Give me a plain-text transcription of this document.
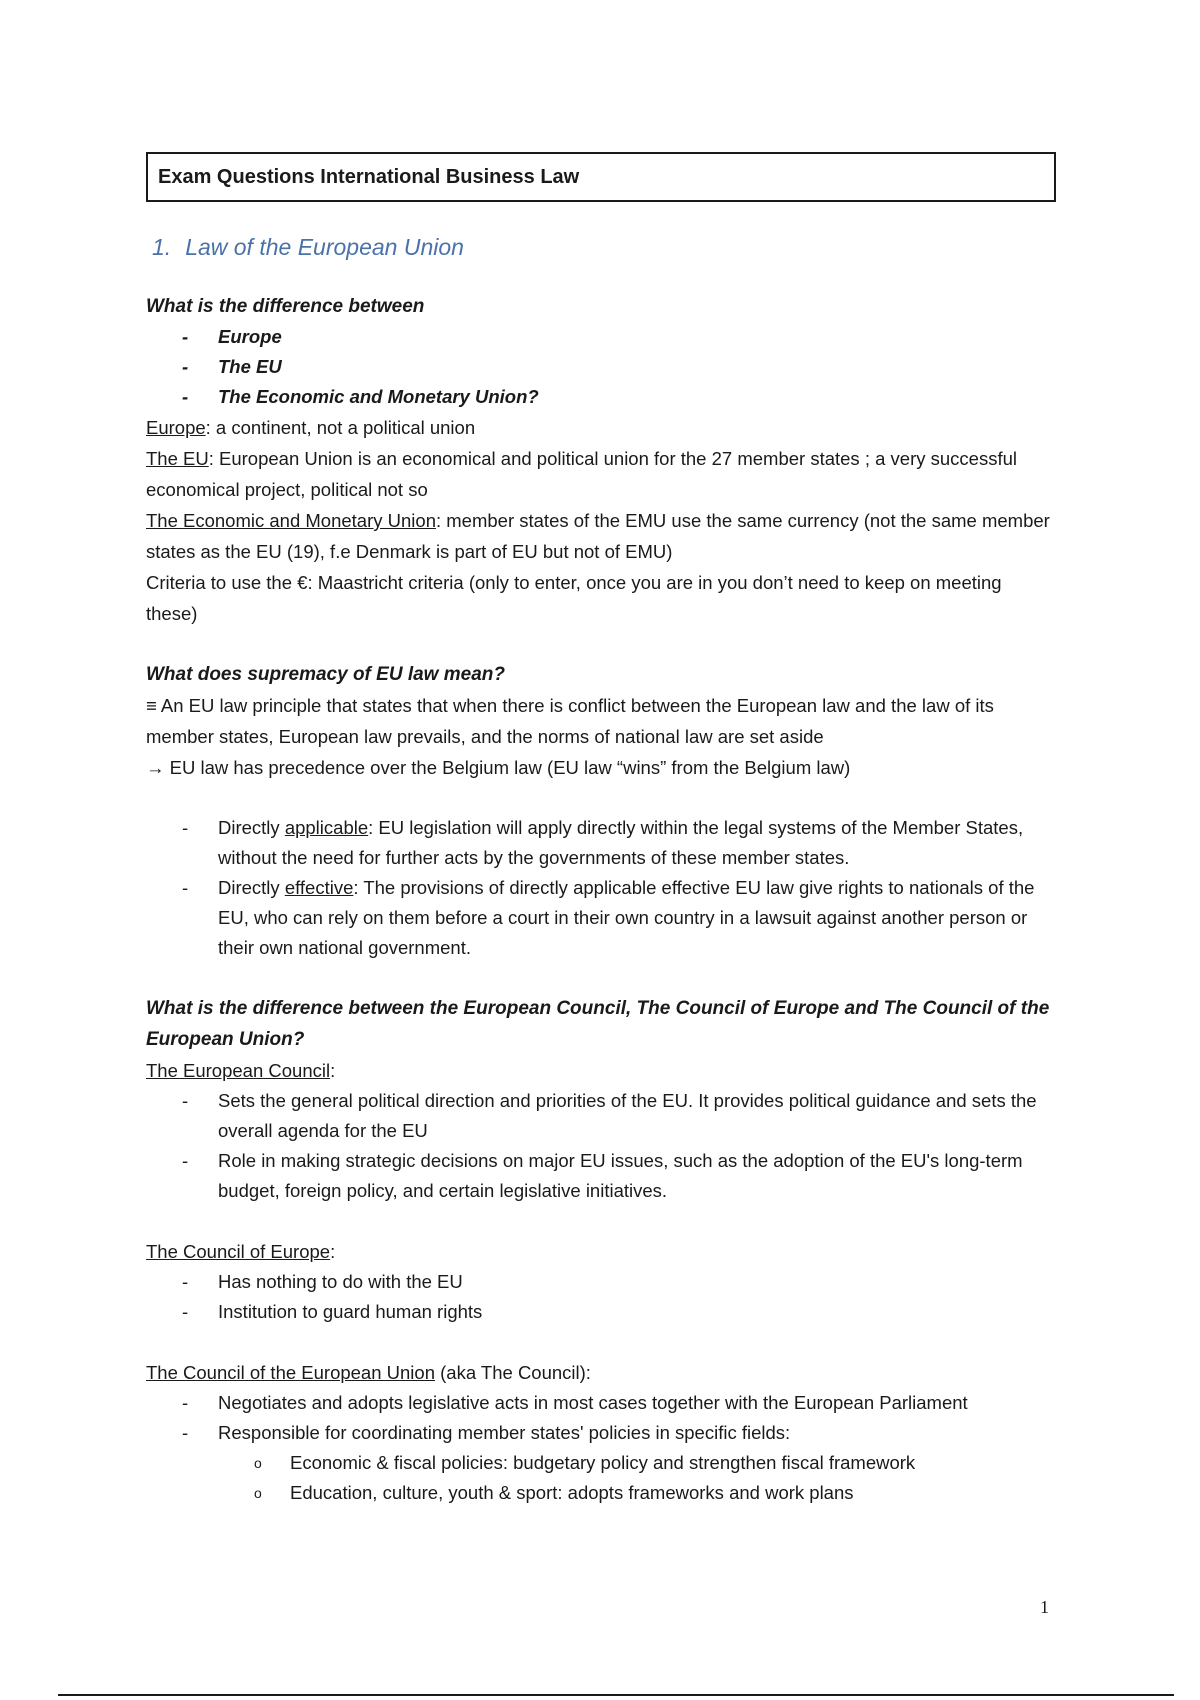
Exam Questions International Business Law
1. Law of the European Union
What is the difference between
- Europe
- The EU
- The Economic and Monetary Union?
Europe: a continent, not a political union
The EU: European Union is an economical and political union for the 27 member states ; a very successful economical project, political not so
The Economic and Monetary Union: member states of the EMU use the same currency (not the same member states as the EU (19), f.e Denmark is part of EU but not of EMU)
Criteria to use the €: Maastricht criteria (only to enter, once you are in you don’t need to keep on meeting these)
What does supremacy of EU law mean?
≡ An EU law principle that states that when there is conflict between the European law and the law of its member states, European law prevails, and the norms of national law are set aside
→ EU law has precedence over the Belgium law (EU law “wins” from the Belgium law)
- Directly applicable: EU legislation will apply directly within the legal systems of the Member States, without the need for further acts by the governments of these member states.
- Directly effective: The provisions of directly applicable effective EU law give rights to nationals of the EU, who can rely on them before a court in their own country in a lawsuit against another person or their own national government.
What is the difference between the European Council, The Council of Europe and The Council of the European Union?
The European Council:
- Sets the general political direction and priorities of the EU. It provides political guidance and sets the overall agenda for the EU
- Role in making strategic decisions on major EU issues, such as the adoption of the EU's long-term budget, foreign policy, and certain legislative initiatives.
The Council of Europe:
- Has nothing to do with the EU
- Institution to guard human rights
The Council of the European Union (aka The Council):
- Negotiates and adopts legislative acts in most cases together with the European Parliament
- Responsible for coordinating member states' policies in specific fields:
o Economic & fiscal policies: budgetary policy and strengthen fiscal framework
o Education, culture, youth & sport: adopts frameworks and work plans
1
